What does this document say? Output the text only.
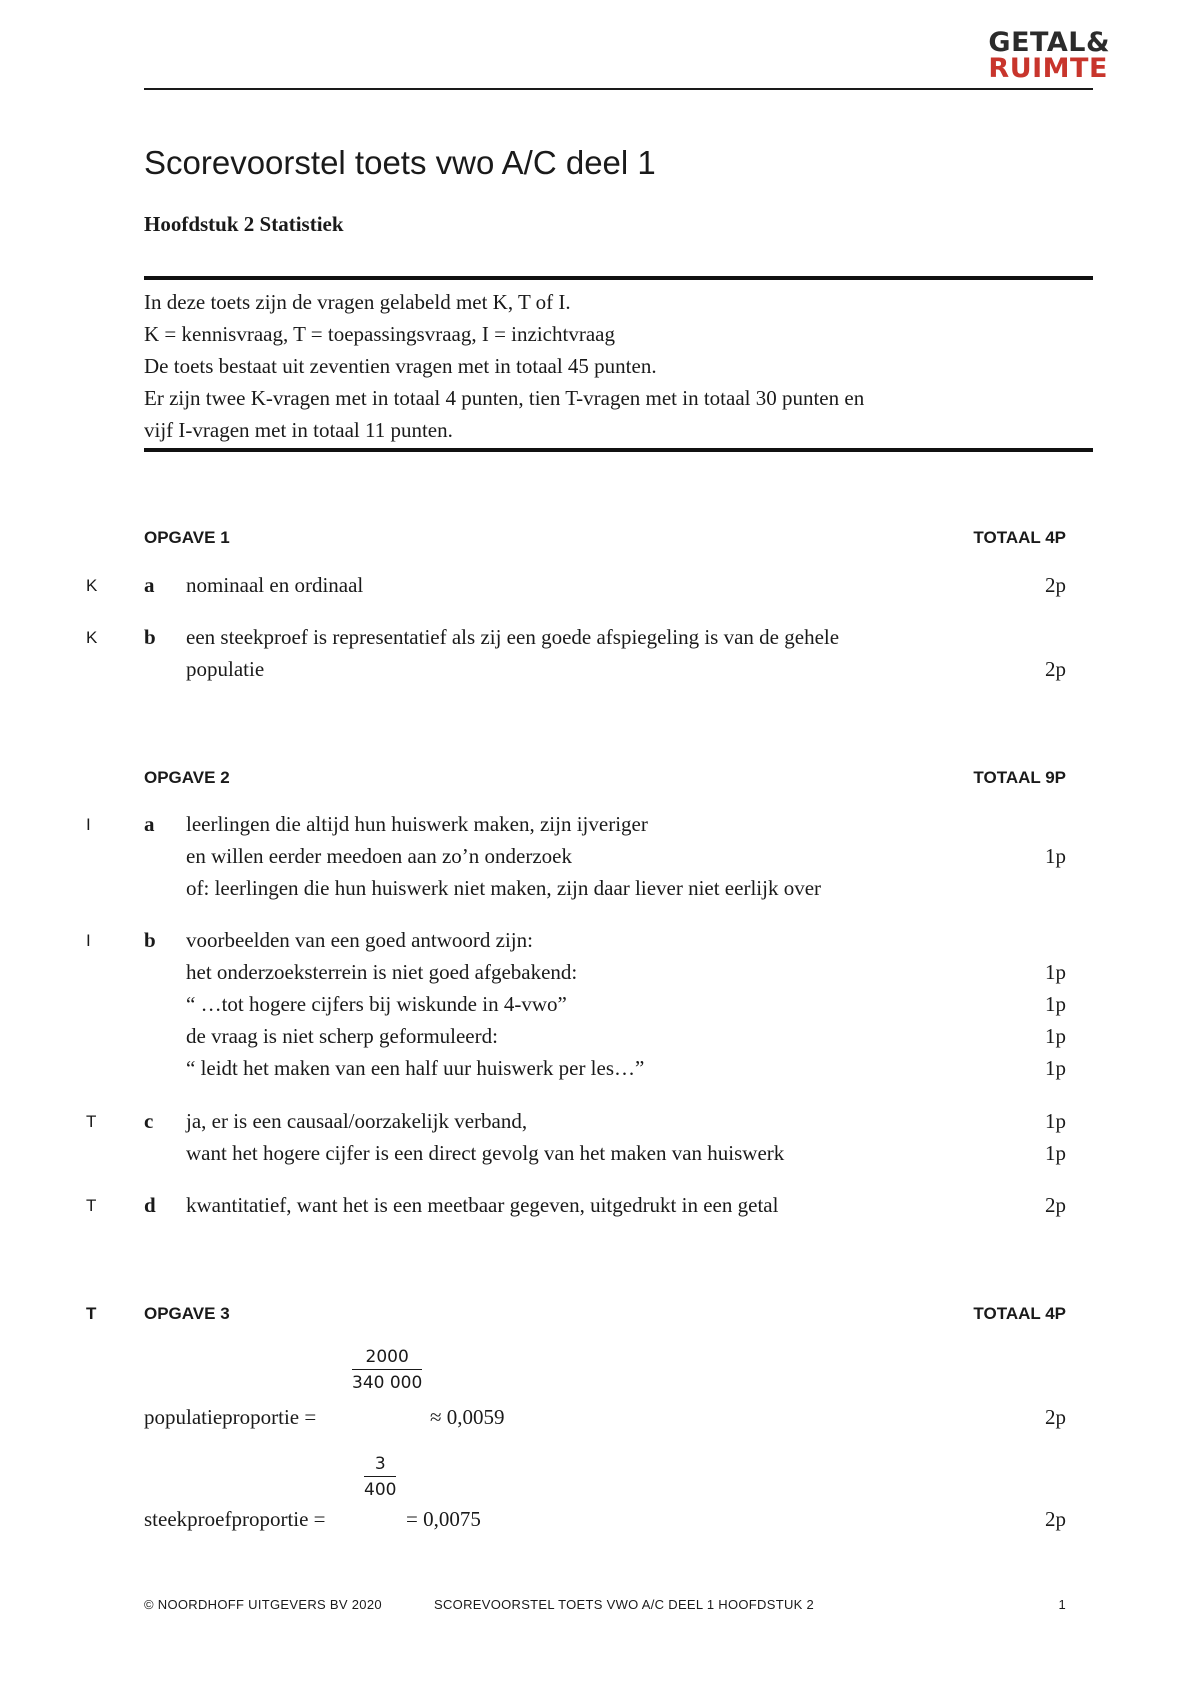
GETAL&
RUIMTE
Scorevoorstel toets vwo A/C deel 1
Hoofdstuk 2 Statistiek
In deze toets zijn de vragen gelabeld met K, T of I.
K = kennisvraag, T = toepassingsvraag, I = inzichtvraag
De toets bestaat uit zeventien vragen met in totaal 45 punten.
Er zijn twee K-vragen met in totaal 4 punten, tien T-vragen met in totaal 30 punten en
vijf I-vragen met in totaal 11 punten.
OPGAVE 1	TOTAAL 4P
K a nominaal en ordinaal	2p
K b een steekproef is representatief als zij een goede afspiegeling is van de gehele
populatie	2p
OPGAVE 2	TOTAAL 9P
I	a leerlingen die altijd hun huiswerk maken, zijn ijveriger
en willen eerder meedoen aan zo’n onderzoek	1p
of: leerlingen die hun huiswerk niet maken, zijn daar liever niet eerlijk over
I	b voorbeelden van een goed antwoord zijn:
het onderzoeksterrein is niet goed afgebakend:	1p
“ …tot hogere cijfers bij wiskunde in 4-vwo”	1p
de vraag is niet scherp geformuleerd:	1p
“ leidt het maken van een half uur huiswerk per les…”	1p
T c ja, er is een causaal/oorzakelijk verband,	1p
want het hogere cijfer is een direct gevolg van het maken van huiswerk	1p
T d kwantitatief, want het is een meetbaar gegeven, uitgedrukt in een getal	2p
T	OPGAVE 3	TOTAAL 4P
$\frac{2000}{340 000}$
populatieproportie =	≈ 0,0059	2p
$\frac{3}{400}$
steekproefproportie =	= 0,0075	2p
© NOORDHOFF UITGEVERS BV 2020	SCOREVOORSTEL TOETS VWO A/C DEEL 1 HOOFDSTUK 2	1
